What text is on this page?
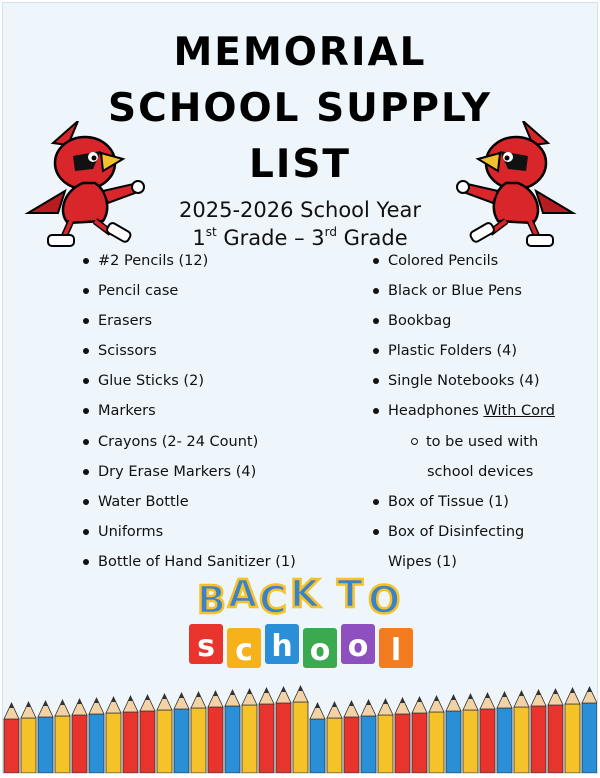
MEMORIAL
SCHOOL SUPPLY
LIST
2025-2026 School Year
1st Grade – 3rd Grade
#2 Pencils (12)
Pencil case
Erasers
Scissors
Glue Sticks (2)
Markers
Crayons (2- 24 Count)
Dry Erase Markers (4)
Water Bottle
Uniforms
Bottle of Hand Sanitizer (1)
Colored Pencils
Black or Blue Pens
Bookbag
Plastic Folders (4)
Single Notebooks (4)
Headphones With Cord
to be used with
school devices
Box of Tissue (1)
Box of Disinfecting
Wipes (1)
B A C K T O
s c h o o l
